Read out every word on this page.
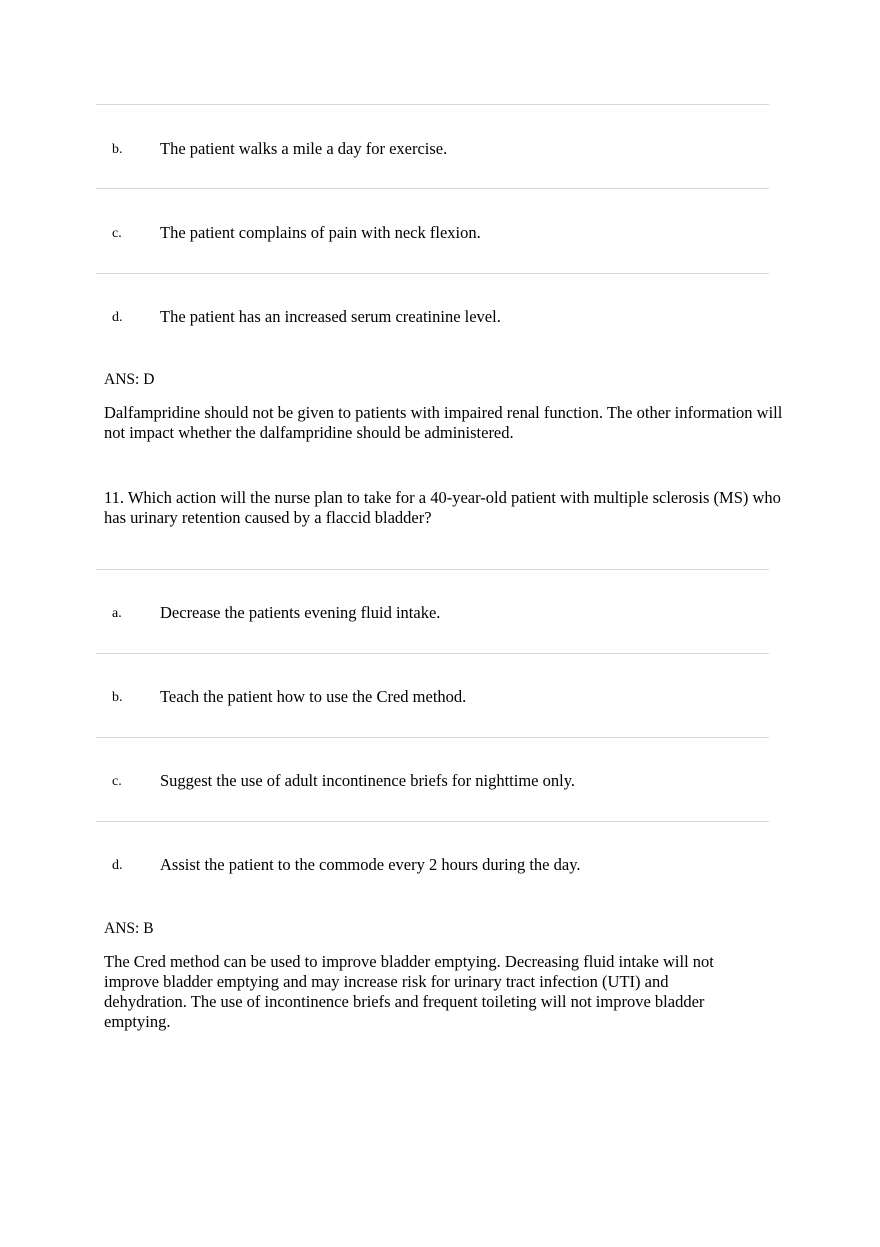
b. The patient walks a mile a day for exercise.
c. The patient complains of pain with neck flexion.
d. The patient has an increased serum creatinine level.
ANS: D
Dalfampridine should not be given to patients with impaired renal function. The other information will not impact whether the dalfampridine should be administered.
11. Which action will the nurse plan to take for a 40-year-old patient with multiple sclerosis (MS) who has urinary retention caused by a flaccid bladder?
a. Decrease the patients evening fluid intake.
b. Teach the patient how to use the Cred method.
c. Suggest the use of adult incontinence briefs for nighttime only.
d. Assist the patient to the commode every 2 hours during the day.
ANS: B
The Cred method can be used to improve bladder emptying. Decreasing fluid intake will not improve bladder emptying and may increase risk for urinary tract infection (UTI) and dehydration. The use of incontinence briefs and frequent toileting will not improve bladder emptying.
